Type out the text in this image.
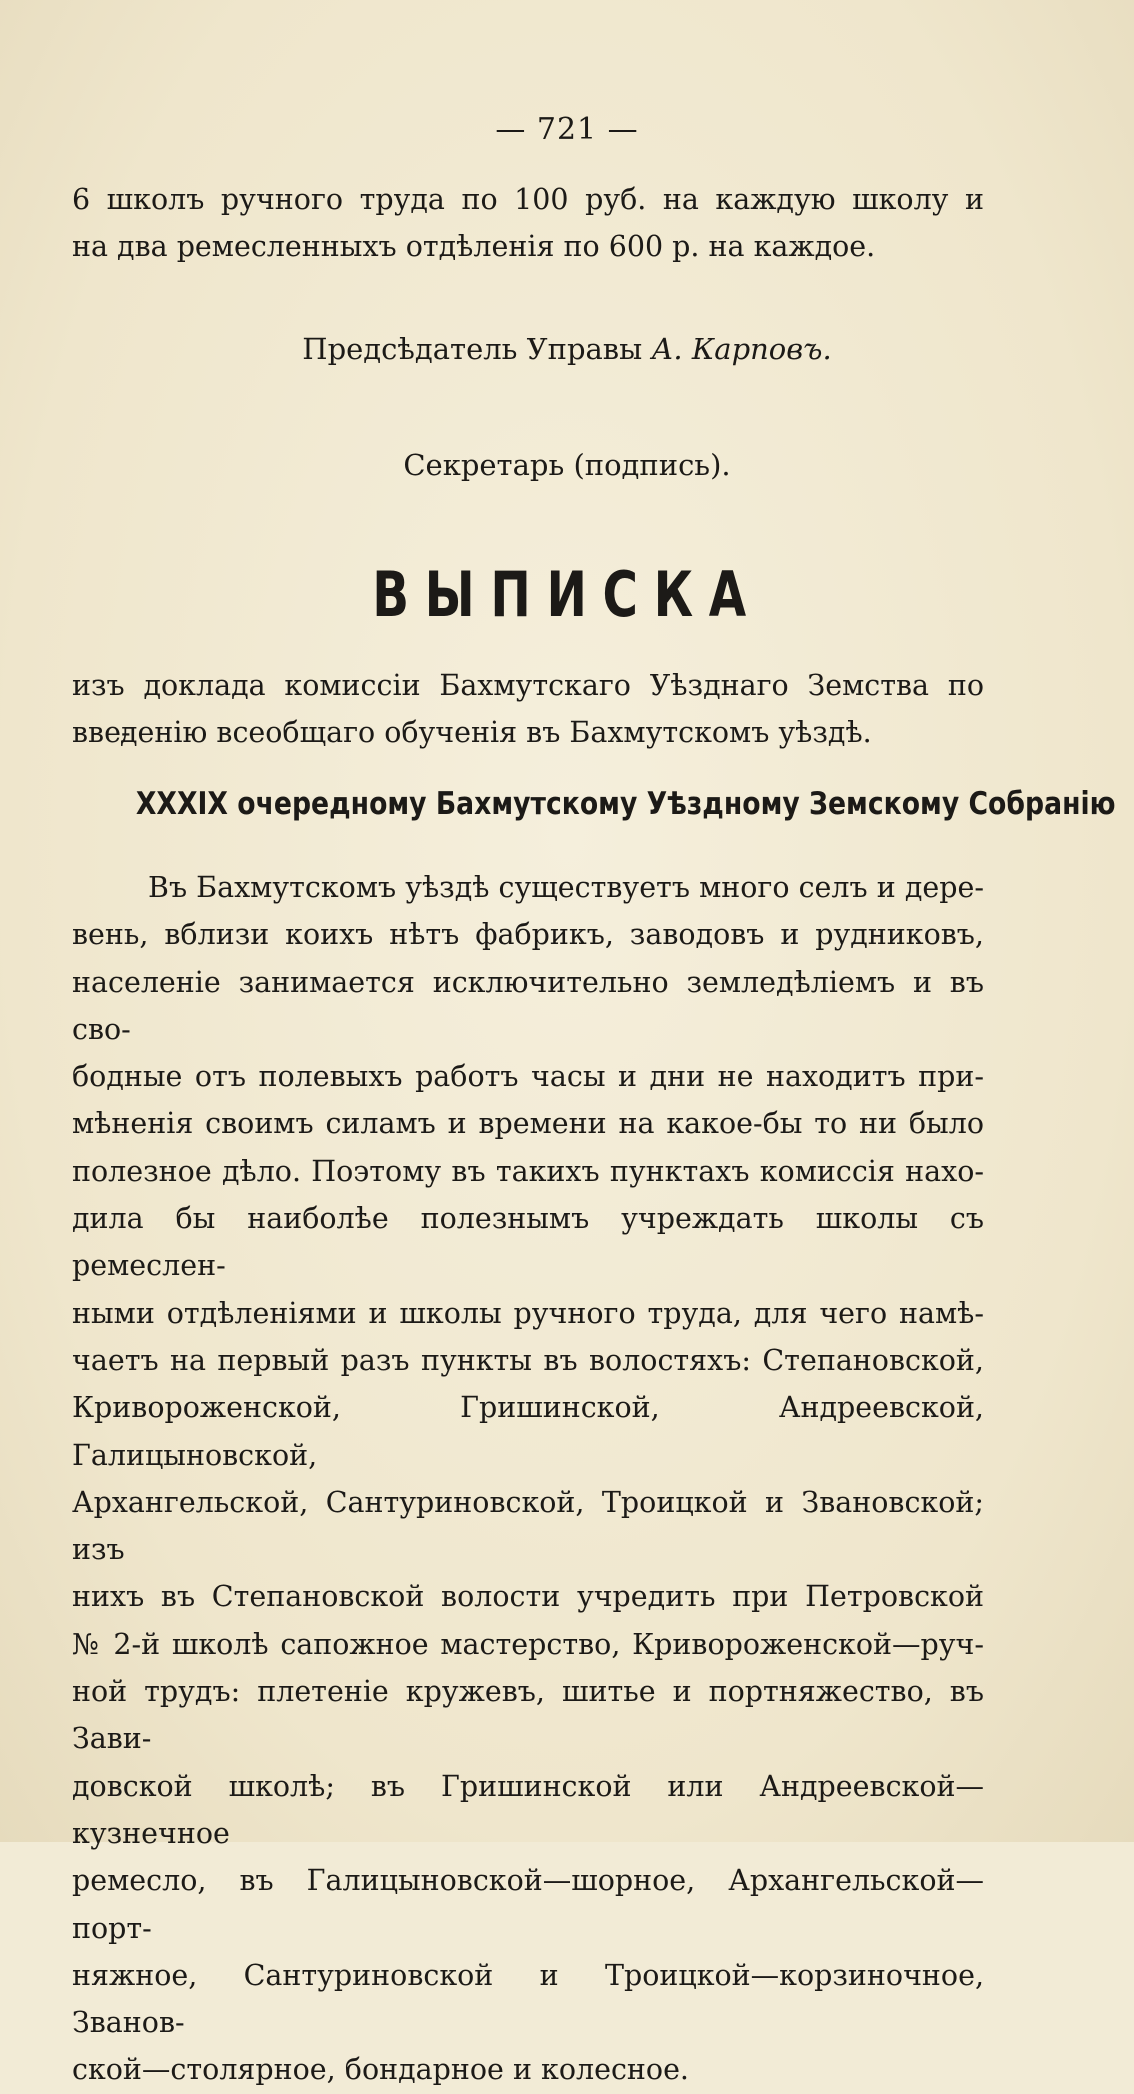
— 721 —
6 школъ ручного труда по 100 руб. на каждую школу и
на два ремесленныхъ отдѣленія по 600 р. на каждое.
Предсѣдатель Управы А. Карповъ.
Секретарь (подпись).
ВЫПИСКА
изъ доклада комиссіи Бахмутскаго Уѣзднаго Земства по вве-
денію всеобщаго обученія въ Бахмутскомъ уѣздѣ.
XXXIX очередному Бахмутскому Уѣздному Земскому Собранію
Въ Бахмутскомъ уѣздѣ существуетъ много селъ и дере-
вень, вблизи коихъ нѣтъ фабрикъ, заводовъ и рудниковъ,
населеніе занимается исключительно земледѣліемъ и въ сво-
бодные отъ полевыхъ работъ часы и дни не находитъ при-
мѣненія своимъ силамъ и времени на какое-бы то ни было
полезное дѣло. Поэтому въ такихъ пунктахъ комиссія нахо-
дила бы наиболѣе полезнымъ учреждать школы съ ремеслен-
ными отдѣленіями и школы ручного труда, для чего намѣ-
чаетъ на первый разъ пункты въ волостяхъ: Степановской,
Кривороженской, Гришинской, Андреевской, Галицыновской,
Архангельской, Сантуриновской, Троицкой и Звановской; изъ
нихъ въ Степановской волости учредить при Петровской
№ 2-й школѣ сапожное мастерство, Кривороженской—руч-
ной трудъ: плетеніе кружевъ, шитье и портняжество, въ Зави-
довской школѣ; въ Гришинской или Андреевской—кузнечное
ремесло, въ Галицыновской—шорное, Архангельской—порт-
няжное, Сантуриновской и Троицкой—корзиночное, Званов-
ской—столярное, бондарное и колесное.
